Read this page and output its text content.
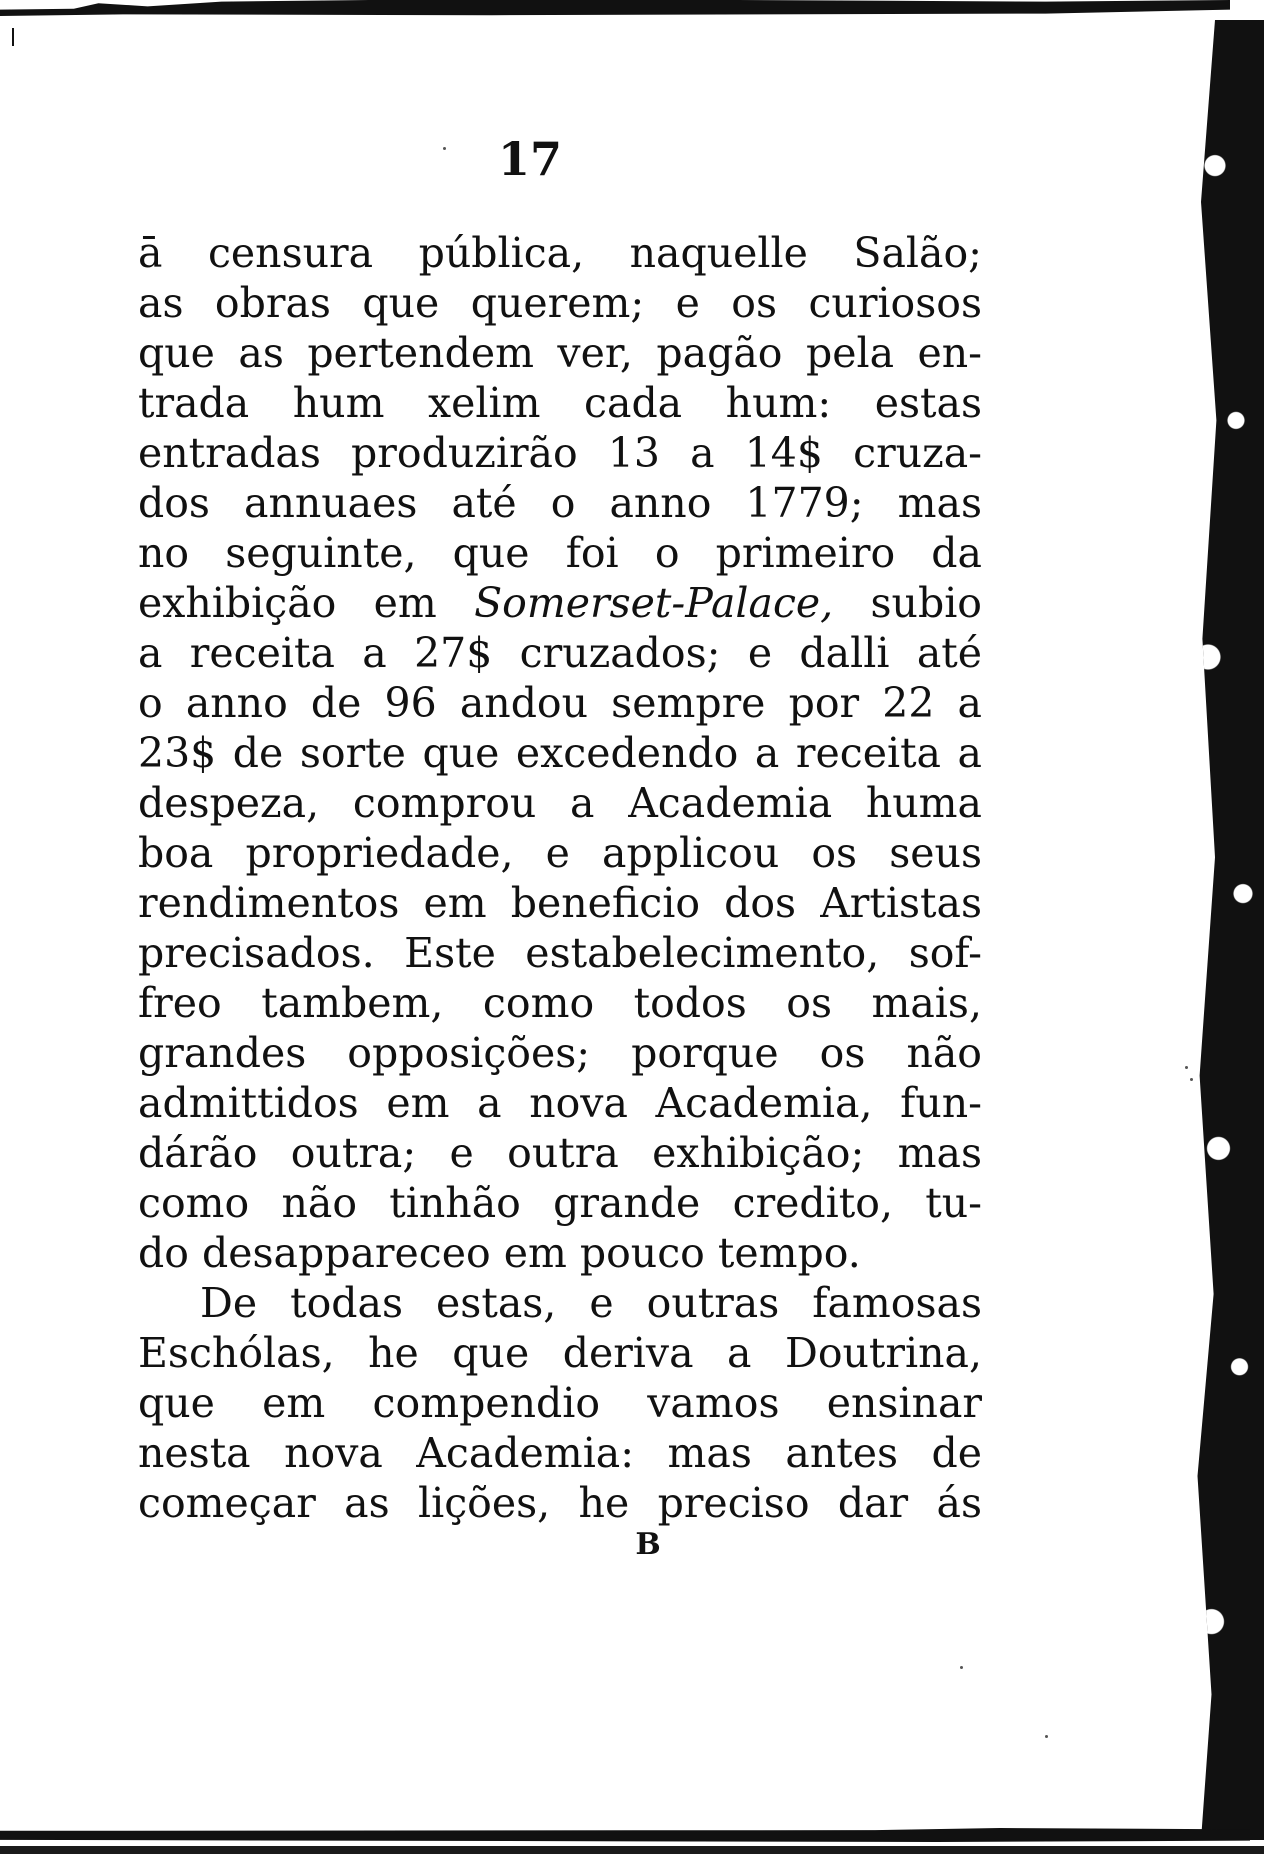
17
ā censura pública, naquelle Salão;
as obras que querem; e os curiosos
que as pertendem ver, pagão pela en-
trada hum xelim cada hum: estas
entradas produzirão 13 a 14$ cruza-
dos annuaes até o anno 1779; mas
no seguinte, que foi o primeiro da
exhibição em Somerset-Palace, subio
a receita a 27$ cruzados; e dalli até
o anno de 96 andou sempre por 22 a
23$ de sorte que excedendo a receita a
despeza, comprou a Academia huma
boa propriedade, e applicou os seus
rendimentos em beneficio dos Artistas
precisados. Este estabelecimento, sof-
freo tambem, como todos os mais,
grandes opposições; porque os não
admittidos em a nova Academia, fun-
dárão outra; e outra exhibição; mas
como não tinhão grande credito, tu-
do desappareceo em pouco tempo.
De todas estas, e outras famosas
Eschólas, he que deriva a Doutrina,
que em compendio vamos ensinar
nesta nova Academia: mas antes de
começar as lições, he preciso dar ás
B
